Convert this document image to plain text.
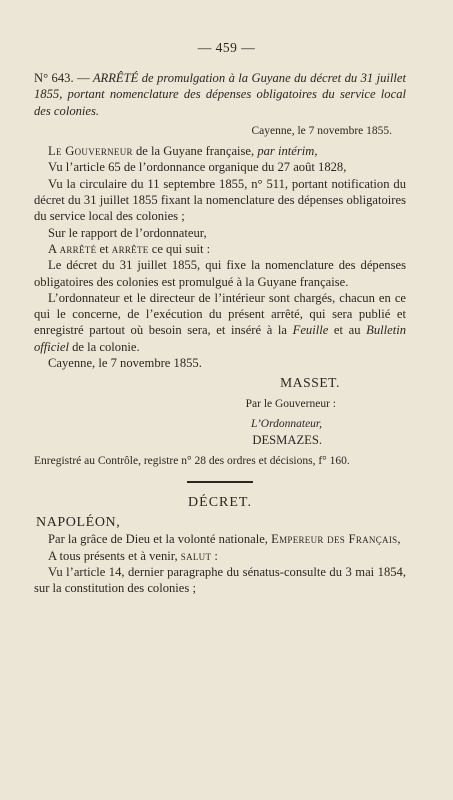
— 459 —

N° 643. — ARRÊTÉ de promulgation à la Guyane du décret du 31 juillet 1855, portant nomenclature des dépenses obligatoires du service local des colonies.

Cayenne, le 7 novembre 1855.

Le Gouverneur de la Guyane française, par intérim,

Vu l’article 65 de l’ordonnance organique du 27 août 1828,

Vu la circulaire du 11 septembre 1855, n° 511, portant notification du décret du 31 juillet 1855 fixant la nomenclature des dépenses obligatoires du service local des colonies ;

Sur le rapport de l’ordonnateur,

A arrêté et arrête ce qui suit :

Le décret du 31 juillet 1855, qui fixe la nomenclature des dépenses obligatoires des colonies est promulgué à la Guyane française.

L’ordonnateur et le directeur de l’intérieur sont chargés, chacun en ce qui le concerne, de l’exécution du présent arrêté, qui sera publié et enregistré partout où besoin sera, et inséré à la Feuille et au Bulletin officiel de la colonie.

Cayenne, le 7 novembre 1855.

MASSET.

Par le Gouverneur :

L’Ordonnateur,

DESMAZES.

Enregistré au Contrôle, registre n° 28 des ordres et décisions, f° 160.

DÉCRET.

NAPOLÉON,

Par la grâce de Dieu et la volonté nationale, Empereur des Français,

A tous présents et à venir, salut :

Vu l’article 14, dernier paragraphe du sénatus-consulte du 3 mai 1854, sur la constitution des colonies ;
